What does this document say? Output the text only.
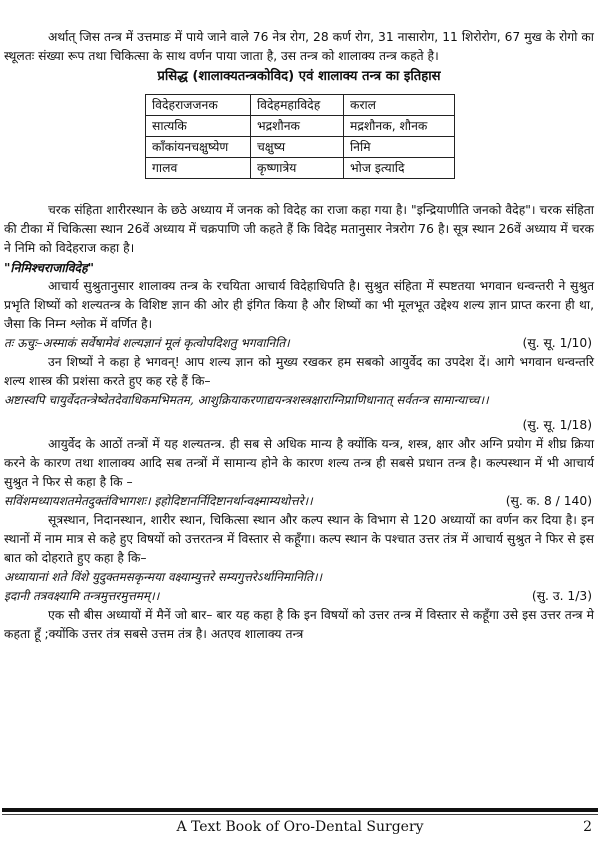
अर्थात् जिस तन्त्र में उत्तमाङ में पाये जाने वाले 76 नेत्र रोग, 28 कर्ण रोग, 31 नासारोग, 11 शिरोरोग, 67 मुख के रोगो का स्थूलतः संख्या रूप तथा चिकित्सा के साथ वर्णन पाया जाता है, उस तन्त्र को शालाक्य तन्त्र कहते है।

प्रसिद्ध (शालाक्यतन्त्रकोविद) एवं शालाक्य तन्त्र का इतिहास
विदेहराजजनक	विदेहमहाविदेह	कराल
सात्यकि	भद्रशौनक	मद्रशौनक, शौनक
काँकांयनचक्षुष्येण	चक्षुष्य	निमि
गालव	कृष्णात्रेय	भोज इत्यादि

चरक संहिता शारीरस्थान के छठे अध्याय में जनक को विदेह का राजा कहा गया है। "इन्द्रियाणीति जनको वैदेह"। चरक संहिता की टीका में चिकित्सा स्थान 26वें अध्याय में चक्रपाणि जी कहते हैं कि विदेह मतानुसार नेत्ररोग 76 है। सूत्र स्थान 26वें अध्याय में चरक ने निमि को विदेहराज कहा है।

"निमिश्चराजाविदेह"

आचार्य सुश्रुतानुसार शालाक्य तन्त्र के रचयिता आचार्य विदेहाधिपति है। सुश्रुत संहिता में स्पष्टतया भगवान धन्वन्तरी ने सुश्रुत प्रभृति शिष्यों को शल्यतन्त्र के विशिष्ट ज्ञान की ओर ही इंगित किया है और शिष्यों का भी मूलभूत उद्देश्य शल्य ज्ञान प्राप्त करना ही था, जैसा कि निम्न श्लोक में वर्णित है।

तः ऊचुः–अस्माकं सर्वेषामेवं शल्यज्ञानं मूलं कृत्वोपदिशतु भगवानिति।	(सु. सू. 1/10)

उन शिष्यों ने कहा हे भगवन्! आप शल्य ज्ञान को मुख्य रखकर हम सबको आयुर्वेद का उपदेश दें। आगे भगवान धन्वन्तरि शल्य शास्त्र की प्रशंसा करते हुए कह रहे हैं कि–

अष्टास्वपि चायुर्वेदतन्त्रेष्वेतदेवाधिकमभिमतम, आशुक्रियाकरणाद्ययन्त्रशस्त्रक्षाराग्निप्राणिधानात् सर्वतन्त्र सामान्याच्च।।

(सु. सू. 1/18)

आयुर्वेद के आठों तन्त्रों में यह शल्यतन्त्र. ही सब से अधिक मान्य है क्योंकि यन्त्र, शस्त्र, क्षार और अग्नि प्रयोग में शीघ्र क्रिया करने के कारण तथा शालाक्य आदि सब तन्त्रों में सामान्य होने के कारण शल्य तन्त्र ही सबसे प्रधान तन्त्र है। कल्पस्थान में भी आचार्य सुश्रुत ने फिर से कहा है कि –

सविंशमध्यायशतमेतदुक्तंविभागशः। इहोदिष्टानर्निदिष्टानर्थान्वक्ष्माम्यथोत्तरे।।	(सु. क. 8 / 140)

सूत्रस्थान, निदानस्थान, शारीर स्थान, चिकित्सा स्थान और कल्प स्थान के विभाग से 120 अध्यायों का वर्णन कर दिया है। इन स्थानों में नाम मात्र से कहे हुए विषयों को उत्तरतन्त्र में विस्तार से कहूँगा। कल्प स्थान के पश्चात उत्तर तंत्र में आचार्य सुश्रुत ने फिर से इस बात को दोहराते हुए कहा है कि–

अध्यायानां शते विंशे युदुक्तमसकृन्मया वक्ष्याम्युत्तरे सम्यगुत्तरेऽर्थानिमानिति।।

इदानी तत्रवक्ष्यामि तन्त्रमुत्तरमुत्तमम्।।	(सु. उ. 1/3)

एक सौ बीस अध्यायों में मैनें जो बार– बार यह कहा है कि इन विषयों को उत्तर तन्त्र में विस्तार से कहूँगा उसे इस उत्तर तन्त्र मे कहता हूँ ;क्योंकि उत्तर तंत्र सबसे उत्तम तंत्र है। अतएव शालाक्य तन्त्र

A Text Book of Oro-Dental Surgery	2
